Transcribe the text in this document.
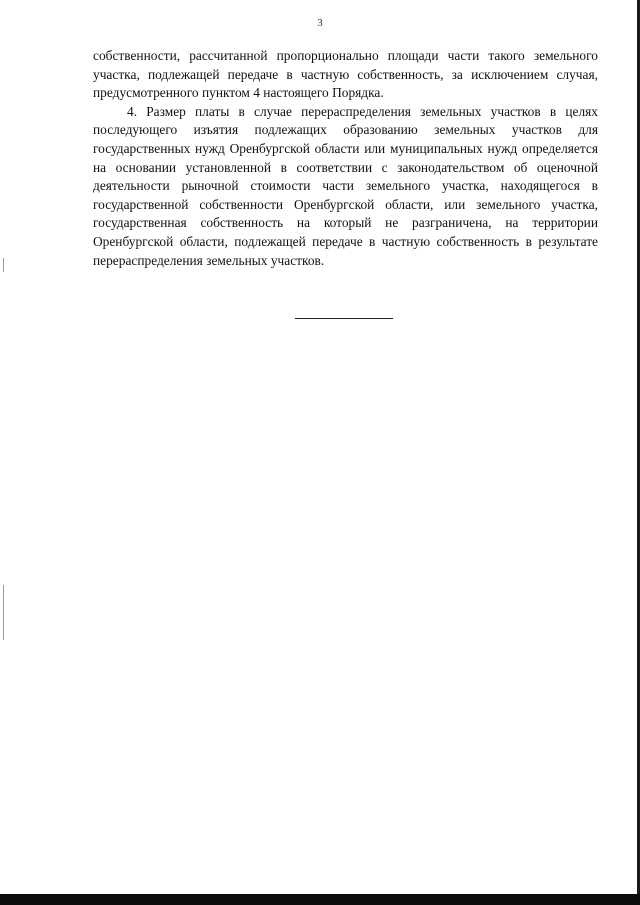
3

собственности, рассчитанной пропорционально площади части такого земельного участка, подлежащей передаче в частную собственность, за исключением случая, предусмотренного пунктом 4 настоящего Порядка.

4. Размер платы в случае перераспределения земельных участков в целях последующего изъятия подлежащих образованию земельных участков для государственных нужд Оренбургской области или муниципальных нужд определяется на основании установленной в соответствии с законодательством об оценочной деятельности рыночной стоимости части земельного участка, находящегося в государственной собственности Оренбургской области, или земельного участка, государственная собственность на который не разграничена, на территории Оренбургской области, подлежащей передаче в частную собственность в результате перераспределения земельных участков.
